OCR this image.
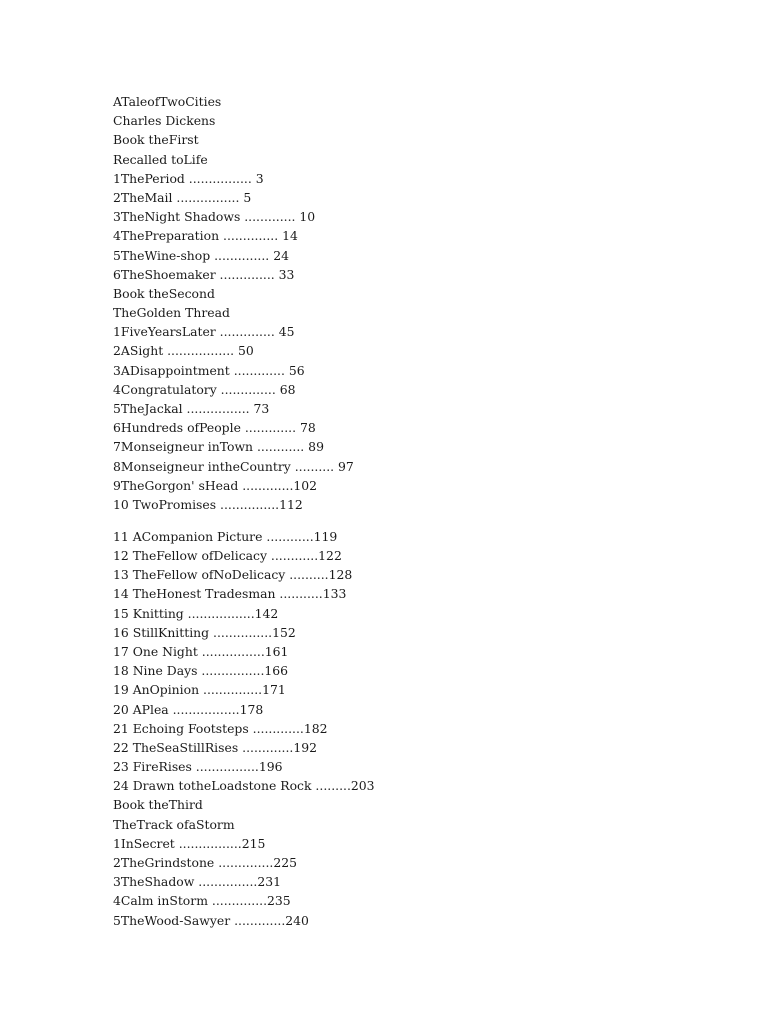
ATaleofTwoCities
Charles Dickens
Book theFirst
Recalled toLife
1ThePeriod ................ 3
2TheMail ................ 5
3TheNight Shadows ............. 10
4ThePreparation .............. 14
5TheWine-shop .............. 24
6TheShoemaker .............. 33
Book theSecond
TheGolden Thread
1FiveYearsLater .............. 45
2ASight ................. 50
3ADisappointment ............. 56
4Congratulatory .............. 68
5TheJackal ................ 73
6Hundreds ofPeople ............. 78
7Monseigneur inTown ............ 89
8Monseigneur intheCountry .......... 97
9TheGorgon' sHead .............102
10 TwoPromises ...............112
11 ACompanion Picture ............119
12 TheFellow ofDelicacy ............122
13 TheFellow ofNoDelicacy ..........128
14 TheHonest Tradesman ...........133
15 Knitting .................142
16 StillKnitting ...............152
17 One Night ................161
18 Nine Days ................166
19 AnOpinion ...............171
20 APlea .................178
21 Echoing Footsteps .............182
22 TheSeaStillRises .............192
23 FireRises ................196
24 Drawn totheLoadstone Rock .........203
Book theThird
TheTrack ofaStorm
1InSecret ................215
2TheGrindstone ..............225
3TheShadow ...............231
4Calm inStorm ..............235
5TheWood-Sawyer .............240
